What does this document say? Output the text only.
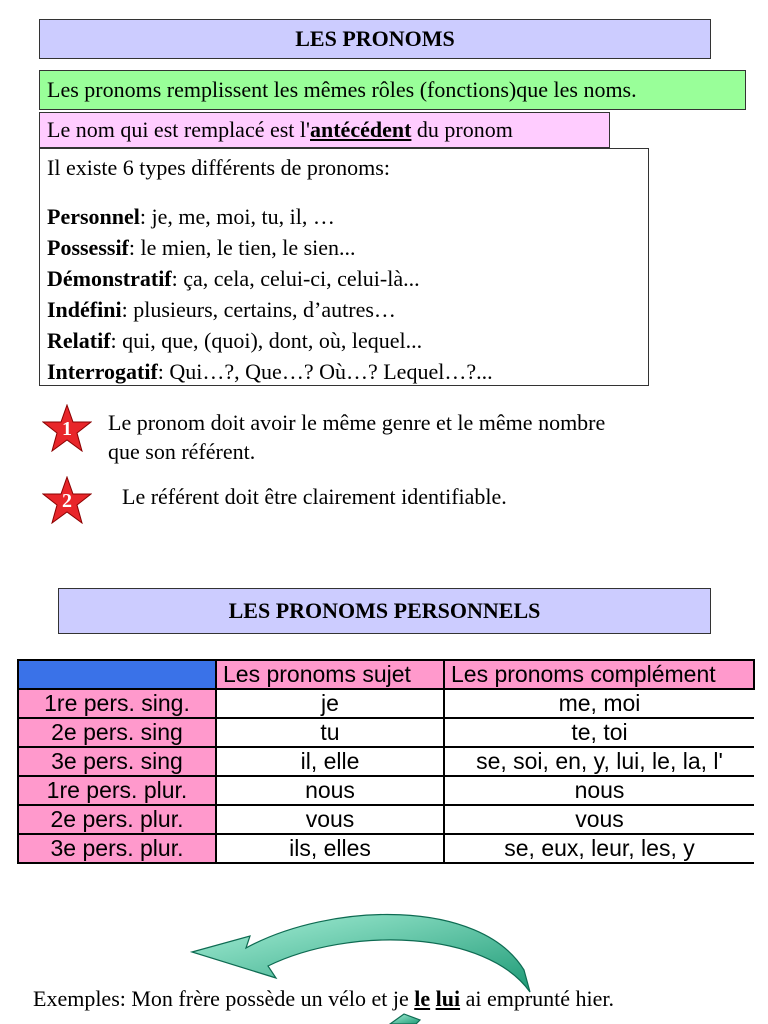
LES PRONOMS
Les pronoms remplissent les mêmes rôles (fonctions)que les noms.
Le nom qui est remplacé est l'antécédent du pronom
Il existe 6 types différents de pronoms:
Personnel: je, me, moi, tu, il, …
Possessif: le mien, le tien, le sien...
Démonstratif: ça, cela, celui-ci, celui-là...
Indéfini: plusieurs, certains, d’autres…
Relatif: qui, que, (quoi), dont, où, lequel...
Interrogatif: Qui…?, Que…? Où…? Lequel…?...
1	Le pronom doit avoir le même genre et le même nombre
que son référent.
2	Le référent doit être clairement identifiable.
LES PRONOMS PERSONNELS
	Les pronoms sujet	Les pronoms complément
1re pers. sing.	je	me, moi
2e pers. sing	tu	te, toi
3e pers. sing	il, elle	se, soi, en, y, lui, le, la, l'
1re pers. plur.	nous	nous
2e pers. plur.	vous	vous
3e pers. plur.	ils, elles	se, eux, leur, les, y
Exemples: Mon frère possède un vélo et je le lui ai emprunté hier.
